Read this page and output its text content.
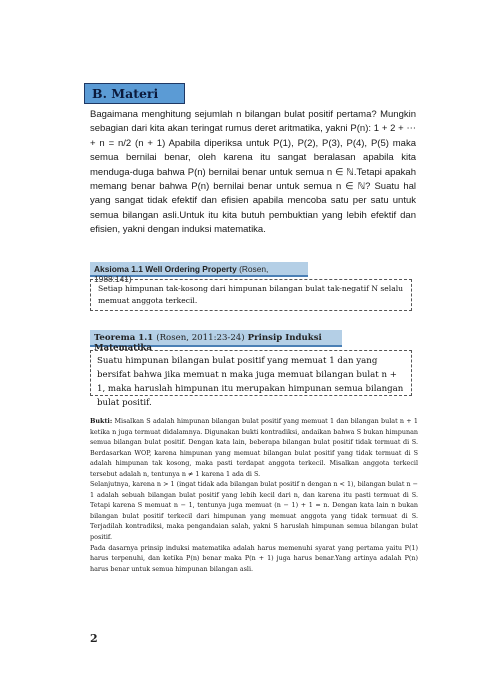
B. Materi

Bagaimana menghitung sejumlah n bilangan bulat positif pertama? Mungkin sebagian dari kita akan teringat rumus deret aritmatika, yakni P(n): 1 + 2 + ⋯ + n = n/2 (n + 1) Apabila diperiksa untuk P(1), P(2), P(3), P(4), P(5) maka semua bernilai benar, oleh karena itu sangat beralasan apabila kita menduga-duga bahwa P(n) bernilai benar untuk semua n ∈ ℕ.Tetapi apakah memang benar bahwa P(n) bernilai benar untuk semua n ∈ ℕ? Suatu hal yang sangat tidak efektif dan efisien apabila mencoba satu per satu untuk semua bilangan asli.Untuk itu kita butuh pembuktian yang lebih efektif dan efisien, yakni dengan induksi matematika.

Aksioma 1.1 Well Ordering Property (Rosen, 1988:141)
Setiap himpunan tak-kosong dari himpunan bilangan bulat tak-negatif N selalu memuat anggota terkecil.
Teorema 1.1 (Rosen, 2011:23-24) Prinsip Induksi Matematika
Suatu himpunan bilangan bulat positif yang memuat 1 dan yang bersifat bahwa jika memuat n maka juga memuat bilangan bulat n + 1, maka haruslah himpunan itu merupakan himpunan semua bilangan bulat positif.

Bukti: Misalkan S adalah himpunan bilangan bulat positif yang memuat 1 dan bilangan bulat n + 1 ketika n juga termuat didalamnya. Digunakan bukti kontradiksi, andaikan bahwa S bukan himpunan semua bilangan bulat positif. Dengan kata lain, beberapa bilangan bulat positif tidak termuat di S. Berdasarkan WOP, karena himpunan yang memuat bilangan bulat positif yang tidak termuat di S adalah himpunan tak kosong, maka pasti terdapat anggota terkecil. Misalkan anggota terkecil tersebut adalah n, tentunya n ≠ 1 karena 1 ada di S.

Selanjutnya, karena n > 1 (ingat tidak ada bilangan bulat positif n dengan n < 1), bilangan bulat n − 1 adalah sebuah bilangan bulat positif yang lebih kecil dari n, dan karena itu pasti termuat di S. Tetapi karena S memuat n − 1, tentunya juga memuat (n − 1) + 1 = n. Dengan kata lain n bukan bilangan bulat positif terkecil dari himpunan yang memuat anggota yang tidak termuat di S. Terjadilah kontradiksi, maka pengandaian salah, yakni S haruslah himpunan semua bilangan bulat positif.

Pada dasarnya prinsip induksi matematika adalah harus memenuhi syarat yang pertama yaitu P(1) harus terpenuhi, dan ketika P(n) benar maka P(n + 1) juga harus benar.Yang artinya adalah P(n) harus benar untuk semua himpunan bilangan asli.

2
